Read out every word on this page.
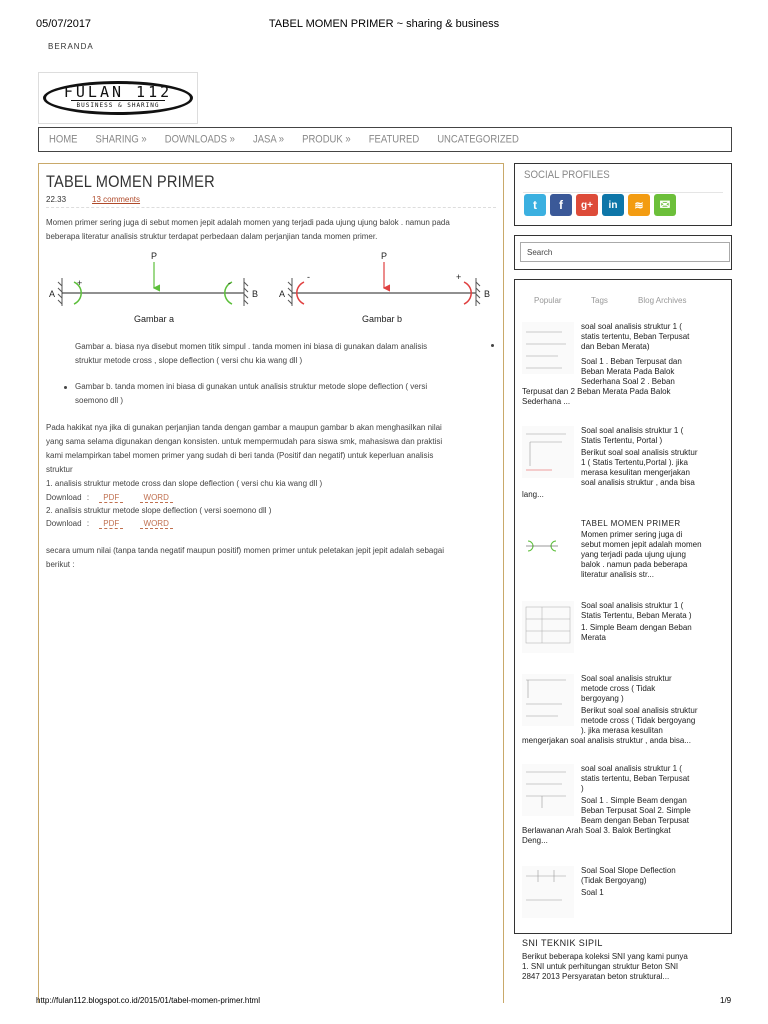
05/07/2017	TABEL MOMEN PRIMER ~ sharing & business
BERANDA
FULAN 112
BUSINESS & SHARING
HOME SHARING » DOWNLOADS » JASA » PRODUK » FEATURED UNCATEGORIZED
TABEL MOMEN PRIMER
22.33	13 comments
Momen primer sering juga di sebut momen jepit adalah momen yang terjadi pada ujung ujung balok . namun pada
beberapa literatur analisis struktur terdapat perbedaan dalam perjanjian tanda momen primer.
P
A	B
+	-
Gambar a
P
A	B
-	+
Gambar b
Gambar a. biasa nya disebut momen titik simpul . tanda momen ini biasa di gunakan dalam analisis
struktur metode cross , slope deflection ( versi chu kia wang dll )
Gambar b. tanda momen ini biasa di gunakan untuk analisis struktur metode slope deflection ( versi
soemono dll )
Pada hakikat nya jika di gunakan perjanjian tanda dengan gambar a maupun gambar b akan menghasilkan nilai
yang sama selama digunakan dengan konsisten. untuk mempermudah para siswa smk, mahasiswa dan praktisi
kami melampirkan tabel momen primer yang sudah di beri tanda (Positif dan negatif) untuk keperluan analisis
struktur
1. analisis struktur metode cross dan slope deflection ( versi chu kia wang dll )
Download : PDF	WORD
2. analisis struktur metode slope deflection ( versi soemono dll )
Download : PDF	WORD
secara umum nilai (tanpa tanda negatif maupun positif) momen primer untuk peletakan jepit jepit adalah sebagai
berikut :
SOCIAL PROFILES
t	f	g+	in	≋	✉
Search
Popular	Tags	Blog Archives
soal soal analisis struktur 1 (
statis tertentu, Beban Terpusat
dan Beban Merata)
Soal 1 . Beban Terpusat dan
Beban Merata Pada Balok
Sederhana Soal 2 . Beban
Terpusat dan 2 Beban Merata Pada Balok
Sederhana ...
Soal soal analisis struktur 1 (
Statis Tertentu, Portal )
Berikut soal soal analisis struktur
1 ( Statis Tertentu,Portal ). jika
merasa kesulitan mengerjakan
soal analisis struktur , anda bisa
lang...
TABEL MOMEN PRIMER
Momen primer sering juga di
sebut momen jepit adalah momen
yang terjadi pada ujung ujung
balok . namun pada beberapa
literatur analisis str...
Soal soal analisis struktur 1 (
Statis Tertentu, Beban Merata )
1. Simple Beam dengan Beban
Merata
Soal soal analisis struktur
metode cross ( Tidak
bergoyang )
Berikut soal soal analisis struktur
metode cross ( Tidak bergoyang
). jika merasa kesulitan
mengerjakan soal analisis struktur , anda bisa...
soal soal analisis struktur 1 (
statis tertentu, Beban Terpusat
)
Soal 1 . Simple Beam dengan
Beban Terpusat Soal 2. Simple
Beam dengan Beban Terpusat
Berlawanan Arah Soal 3. Balok Bertingkat
Deng...
Soal Soal Slope Deflection
(Tidak Bergoyang)
Soal 1
SNI TEKNIK SIPIL
Berikut beberapa koleksi SNI yang kami punya
1. SNI untuk perhitungan struktur Beton SNI
2847 2013 Persyaratan beton struktural...
http://fulan112.blogspot.co.id/2015/01/tabel-momen-primer.html	1/9
